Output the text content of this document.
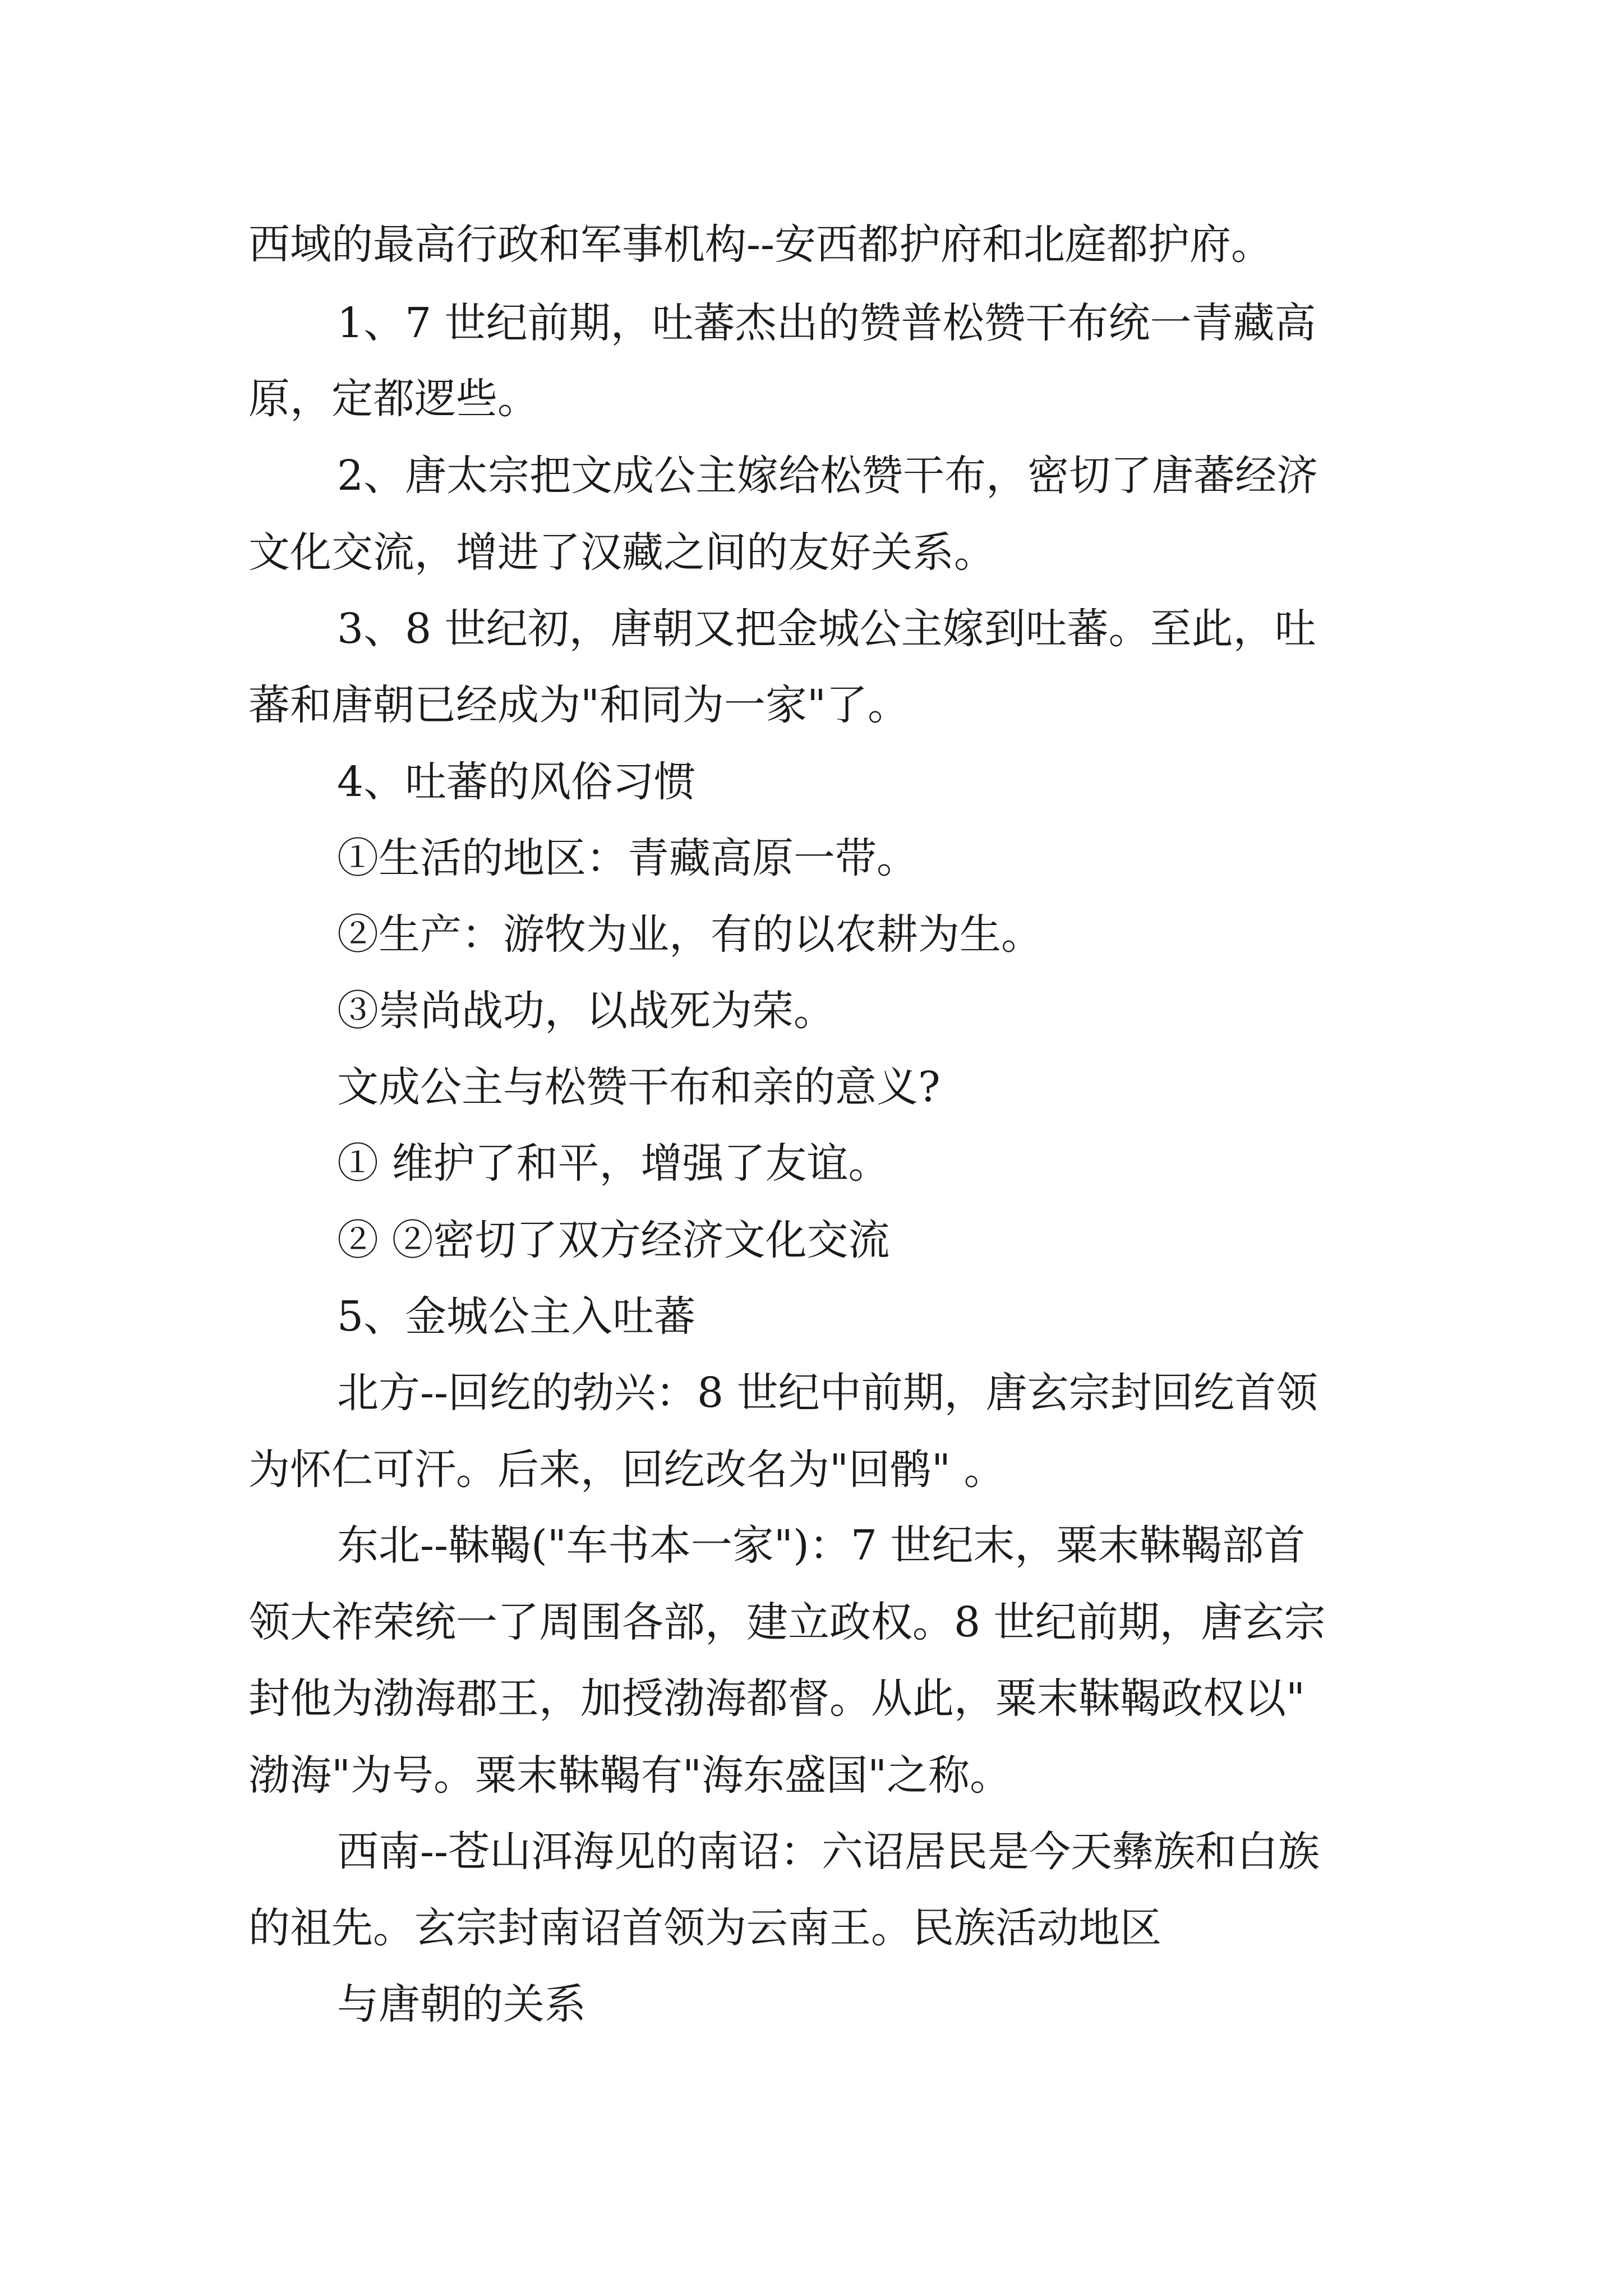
西域的最高行政和军事机构--安西都护府和北庭都护府。
1、7 世纪前期，吐蕃杰出的赞普松赞干布统一青藏高
原，定都逻些。
2、唐太宗把文成公主嫁给松赞干布，密切了唐蕃经济
文化交流，增进了汉藏之间的友好关系。
3、8 世纪初，唐朝又把金城公主嫁到吐蕃。至此，吐
蕃和唐朝已经成为"和同为一家"了。
4、吐蕃的风俗习惯
①生活的地区：青藏高原一带。
②生产：游牧为业，有的以农耕为生。
③崇尚战功，以战死为荣。
文成公主与松赞干布和亲的意义?
① 维护了和平，增强了友谊。
② ②密切了双方经济文化交流
5、金城公主入吐蕃
北方--回纥的勃兴：8 世纪中前期，唐玄宗封回纥首领
为怀仁可汗。后来，回纥改名为"回鹘" 。
东北--靺鞨("车书本一家")：7 世纪末，粟末靺鞨部首
领大祚荣统一了周围各部，建立政权。8 世纪前期，唐玄宗
封他为渤海郡王，加授渤海都督。从此，粟末靺鞨政权以"
渤海"为号。粟末靺鞨有"海东盛国"之称。
西南--苍山洱海见的南诏：六诏居民是今天彝族和白族
的祖先。玄宗封南诏首领为云南王。民族活动地区
与唐朝的关系
